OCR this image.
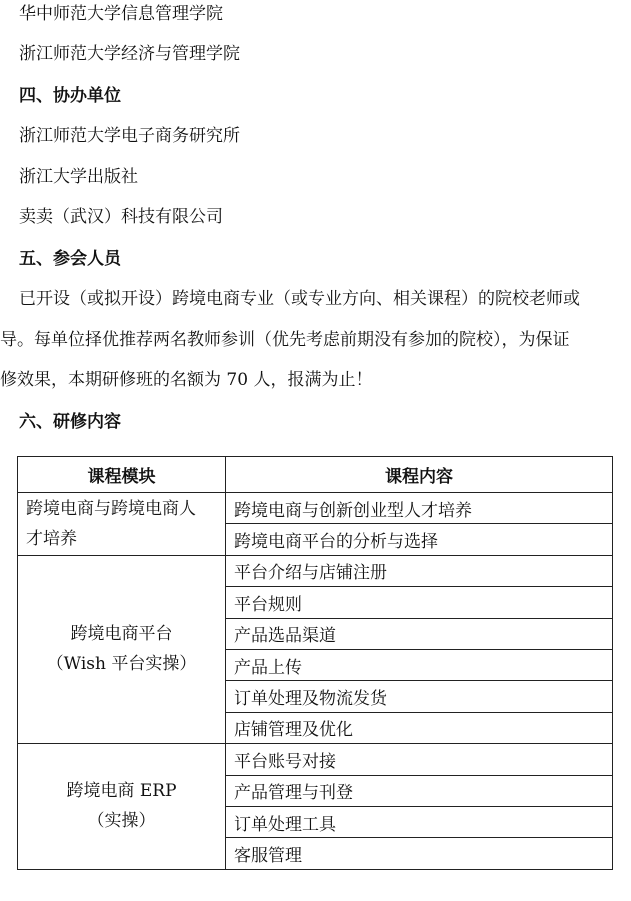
华中师范大学信息管理学院
浙江师范大学经济与管理学院
四、协办单位
浙江师范大学电子商务研究所
浙江大学出版社
卖卖（武汉）科技有限公司
五、参会人员
已开设（或拟开设）跨境电商专业（或专业方向、相关课程）的院校老师或
导。每单位择优推荐两名教师参训（优先考虑前期没有参加的院校），为保证
修效果，本期研修班的名额为 70 人，报满为止！
六、研修内容
课程模块	课程内容

跨境电商与跨境电商人
才培养	跨境电商与创新创业型人才培养
	跨境电商平台的分析与选择

跨境电商平台
（Wish 平台实操）	平台介绍与店铺注册
	平台规则
	产品选品渠道
	产品上传
	订单处理及物流发货
	店铺管理及优化

跨境电商 ERP
（实操）	平台账号对接
	产品管理与刊登
	订单处理工具
	客服管理
